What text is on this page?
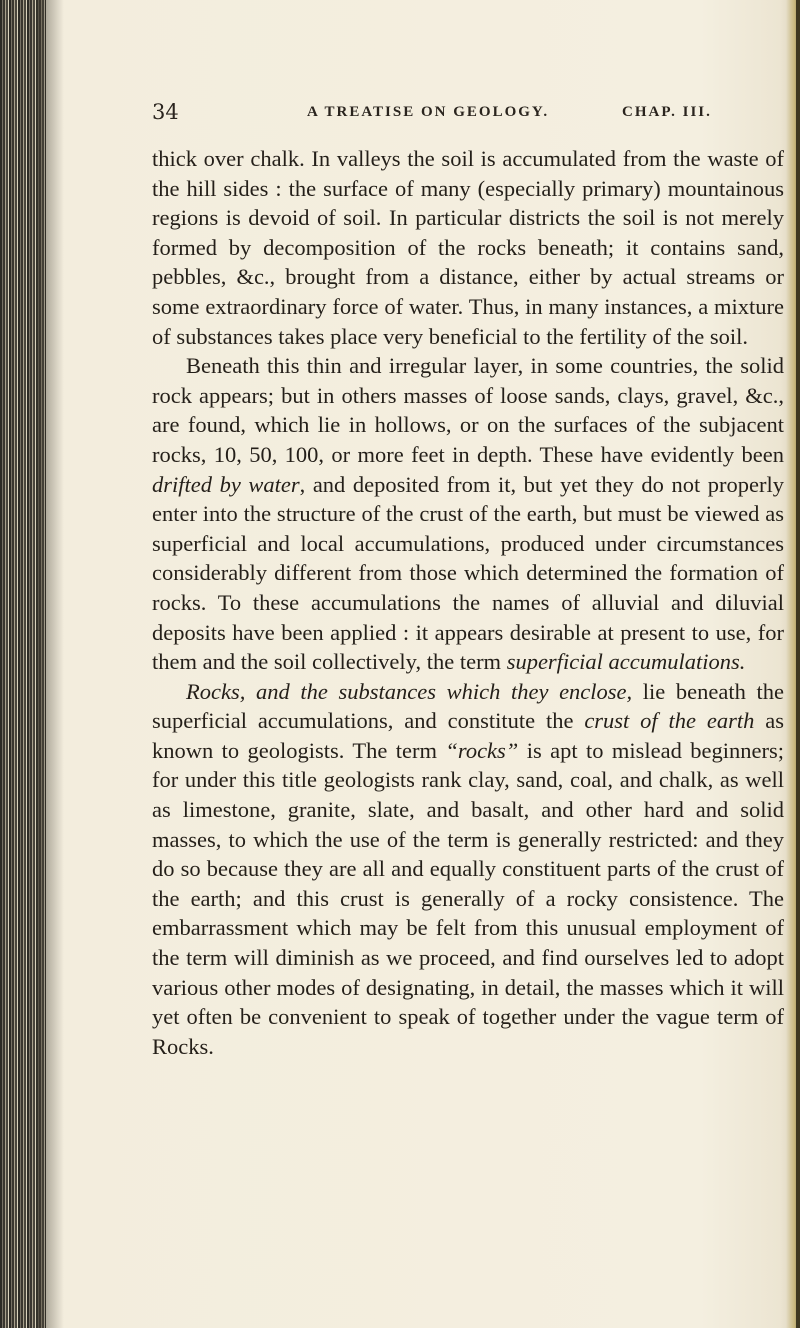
34	A TREATISE ON GEOLOGY.	CHAP. III.

thick over chalk. In valleys the soil is accumulated from the waste of the hill sides : the surface of many (especially primary) mountainous regions is devoid of soil. In particular districts the soil is not merely formed by decomposition of the rocks beneath; it contains sand, pebbles, &c., brought from a distance, either by actual streams or some extraordinary force of water. Thus, in many instances, a mixture of substances takes place very beneficial to the fertility of the soil.

Beneath this thin and irregular layer, in some countries, the solid rock appears; but in others masses of loose sands, clays, gravel, &c., are found, which lie in hollows, or on the surfaces of the subjacent rocks, 10, 50, 100, or more feet in depth. These have evidently been drifted by water, and deposited from it, but yet they do not properly enter into the structure of the crust of the earth, but must be viewed as superficial and local accumulations, produced under circumstances considerably different from those which determined the formation of rocks. To these accumulations the names of alluvial and diluvial deposits have been applied : it appears desirable at present to use, for them and the soil collectively, the term superficial accumulations.

Rocks, and the substances which they enclose, lie beneath the superficial accumulations, and constitute the crust of the earth as known to geologists. The term “rocks” is apt to mislead beginners; for under this title geologists rank clay, sand, coal, and chalk, as well as limestone, granite, slate, and basalt, and other hard and solid masses, to which the use of the term is generally restricted: and they do so because they are all and equally constituent parts of the crust of the earth; and this crust is generally of a rocky consistence. The embarrassment which may be felt from this unusual employment of the term will diminish as we proceed, and find ourselves led to adopt various other modes of designating, in detail, the masses which it will yet often be convenient to speak of together under the vague term of Rocks.
